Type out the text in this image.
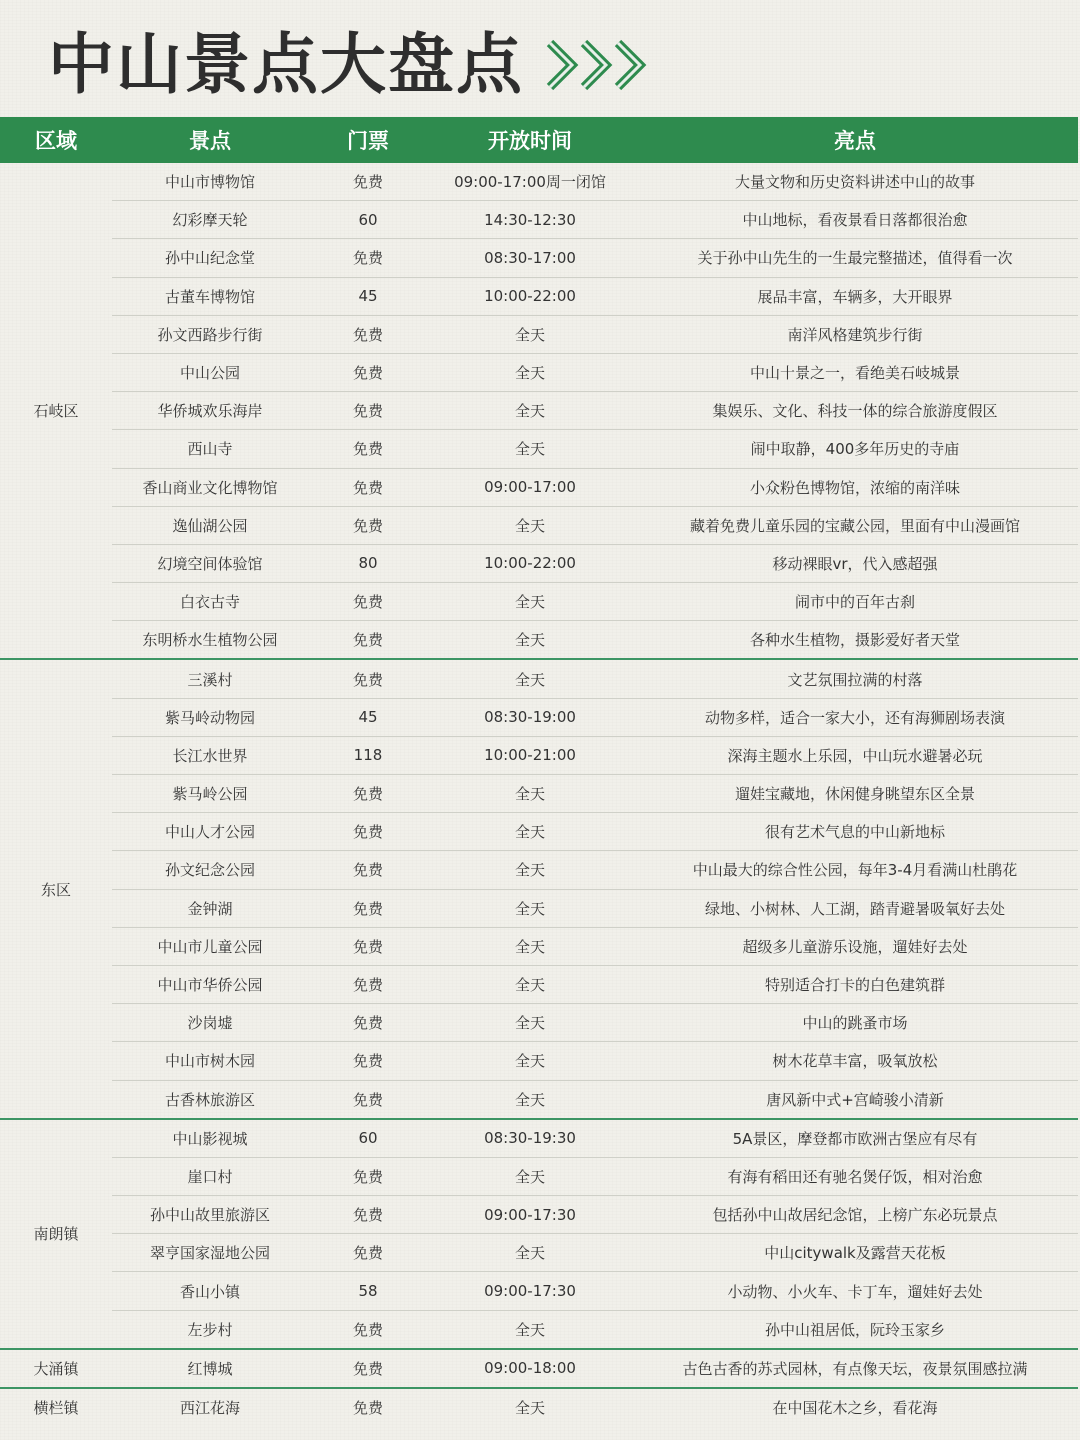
中山景点大盘点
区域	景点	门票	开放时间	亮点
石岐区
中山市博物馆	免费	09:00-17:00周一闭馆	大量文物和历史资料讲述中山的故事
幻彩摩天轮	60	14:30-12:30	中山地标，看夜景看日落都很治愈
孙中山纪念堂	免费	08:30-17:00	关于孙中山先生的一生最完整描述，值得看一次
古董车博物馆	45	10:00-22:00	展品丰富，车辆多，大开眼界
孙文西路步行街	免费	全天	南洋风格建筑步行街
中山公园	免费	全天	中山十景之一，看绝美石岐城景
华侨城欢乐海岸	免费	全天	集娱乐、文化、科技一体的综合旅游度假区
西山寺	免费	全天	闹中取静，400多年历史的寺庙
香山商业文化博物馆	免费	09:00-17:00	小众粉色博物馆，浓缩的南洋味
逸仙湖公园	免费	全天	藏着免费儿童乐园的宝藏公园，里面有中山漫画馆
幻境空间体验馆	80	10:00-22:00	移动裸眼vr，代入感超强
白衣古寺	免费	全天	闹市中的百年古刹
东明桥水生植物公园	免费	全天	各种水生植物，摄影爱好者天堂
东区
三溪村	免费	全天	文艺氛围拉满的村落
紫马岭动物园	45	08:30-19:00	动物多样，适合一家大小，还有海狮剧场表演
长江水世界	118	10:00-21:00	深海主题水上乐园，中山玩水避暑必玩
紫马岭公园	免费	全天	遛娃宝藏地，休闲健身眺望东区全景
中山人才公园	免费	全天	很有艺术气息的中山新地标
孙文纪念公园	免费	全天	中山最大的综合性公园，每年3-4月看满山杜鹃花
金钟湖	免费	全天	绿地、小树林、人工湖，踏青避暑吸氧好去处
中山市儿童公园	免费	全天	超级多儿童游乐设施，遛娃好去处
中山市华侨公园	免费	全天	特别适合打卡的白色建筑群
沙岗墟	免费	全天	中山的跳蚤市场
中山市树木园	免费	全天	树木花草丰富，吸氧放松
古香林旅游区	免费	全天	唐风新中式+宫崎骏小清新
南朗镇
中山影视城	60	08:30-19:30	5A景区，摩登都市欧洲古堡应有尽有
崖口村	免费	全天	有海有稻田还有驰名煲仔饭，相对治愈
孙中山故里旅游区	免费	09:00-17:30	包括孙中山故居纪念馆，上榜广东必玩景点
翠亨国家湿地公园	免费	全天	中山citywalk及露营天花板
香山小镇	58	09:00-17:30	小动物、小火车、卡丁车，遛娃好去处
左步村	免费	全天	孙中山祖居低，阮玲玉家乡
大涌镇	红博城	免费	09:00-18:00	古色古香的苏式园林，有点像天坛，夜景氛围感拉满
横栏镇	西江花海	免费	全天	在中国花木之乡，看花海
